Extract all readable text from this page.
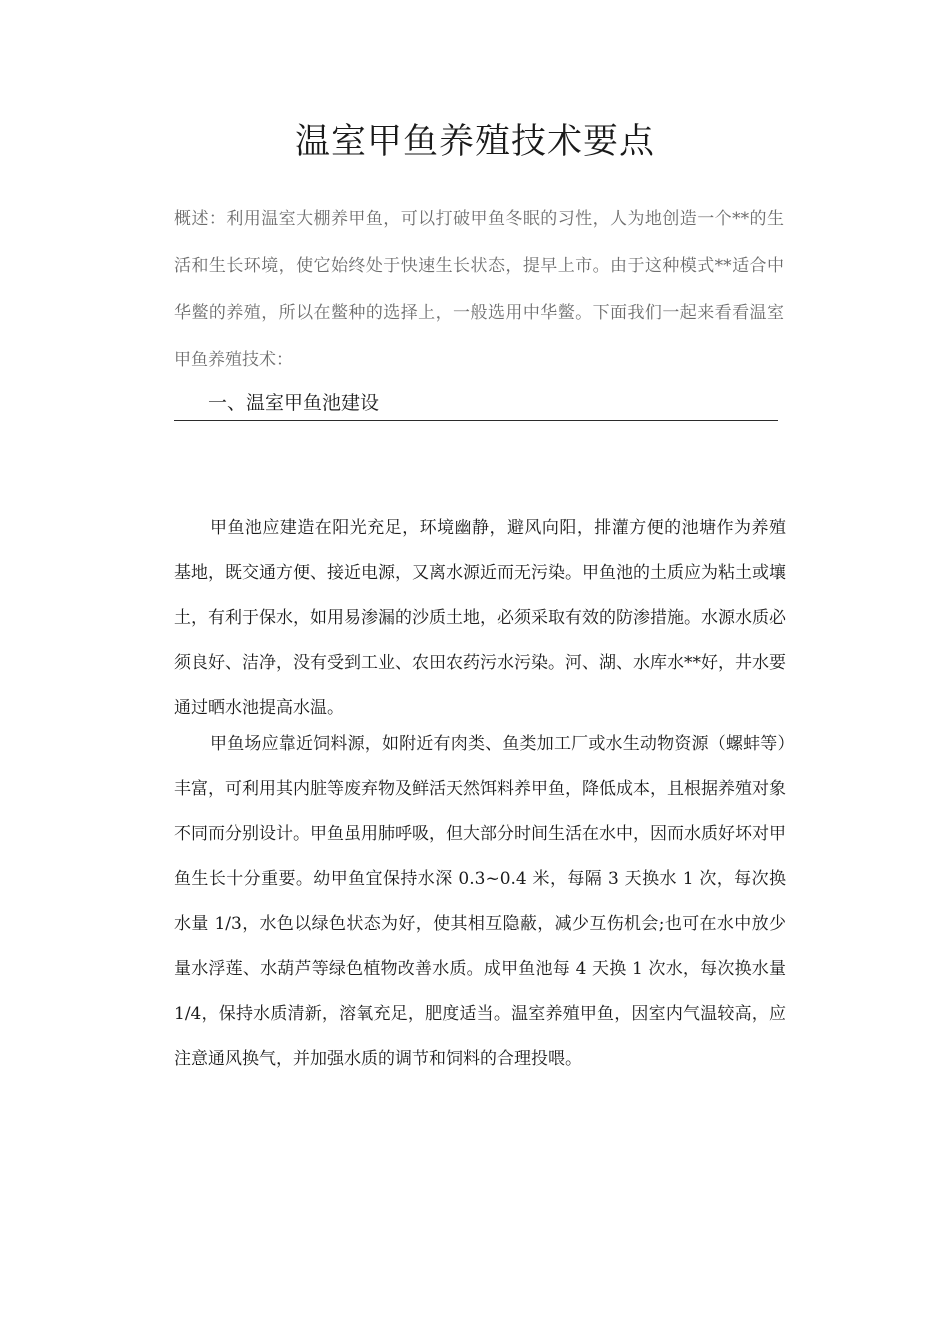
温室甲鱼养殖技术要点

概述：利用温室大棚养甲鱼，可以打破甲鱼冬眠的习性，人为地创造一个**的生活和生长环境，使它始终处于快速生长状态，提早上市。由于这种模式**适合中华鳖的养殖，所以在鳖种的选择上，一般选用中华鳖。下面我们一起来看看温室甲鱼养殖技术：

一、温室甲鱼池建设

甲鱼池应建造在阳光充足，环境幽静，避风向阳，排灌方便的池塘作为养殖基地，既交通方便、接近电源，又离水源近而无污染。甲鱼池的土质应为粘土或壤土，有利于保水，如用易渗漏的沙质土地，必须采取有效的防渗措施。水源水质必须良好、洁净，没有受到工业、农田农药污水污染。河、湖、水库水**好，井水要通过晒水池提高水温。

甲鱼场应靠近饲料源，如附近有肉类、鱼类加工厂或水生动物资源（螺蚌等）丰富，可利用其内脏等废弃物及鲜活天然饵料养甲鱼，降低成本，且根据养殖对象不同而分别设计。甲鱼虽用肺呼吸，但大部分时间生活在水中，因而水质好坏对甲鱼生长十分重要。幼甲鱼宜保持水深 0.3~0.4 米，每隔 3 天换水 1 次，每次换水量 1/3，水色以绿色状态为好，使其相互隐蔽，减少互伤机会;也可在水中放少量水浮莲、水葫芦等绿色植物改善水质。成甲鱼池每 4 天换 1 次水，每次换水量 1/4，保持水质清新，溶氧充足，肥度适当。温室养殖甲鱼，因室内气温较高，应注意通风换气，并加强水质的调节和饲料的合理投喂。
